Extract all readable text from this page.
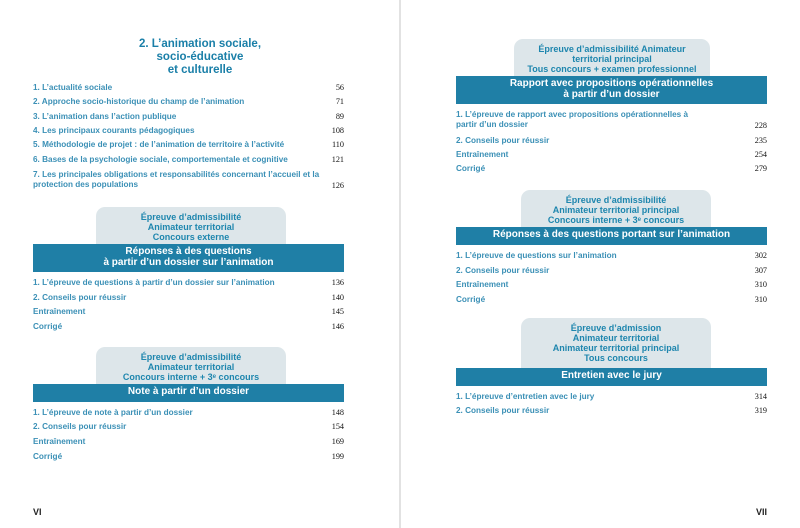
2. L’animation sociale,
socio-éducative
et culturelle
1. L’actualité sociale	56
2. Approche socio-historique du champ de l’animation	71
3. L’animation dans l’action publique	89
4. Les principaux courants pédagogiques	108
5. Méthodologie de projet : de l’animation de territoire à l’activité	110
6. Bases de la psychologie sociale, comportementale et cognitive	121
7. Les principales obligations et responsabilités concernant l’accueil et la protection des populations	126
Épreuve d’admissibilité
Animateur territorial
Concours externe
Réponses à des questions
à partir d’un dossier sur l’animation
1. L’épreuve de questions à partir d’un dossier sur l’animation	136
2. Conseils pour réussir	140
Entraînement	145
Corrigé	146
Épreuve d’admissibilité
Animateur territorial
Concours interne + 3ᵉ concours
Note à partir d’un dossier
1. L’épreuve de note à partir d’un dossier	148
2. Conseils pour réussir	154
Entraînement	169
Corrigé	199
VI
Épreuve d’admissibilité Animateur
territorial principal
Tous concours + examen professionnel
Rapport avec propositions opérationnelles
à partir d’un dossier
1. L’épreuve de rapport avec propositions opérationnelles à partir d’un dossier	228
2. Conseils pour réussir	235
Entraînement	254
Corrigé	279
Épreuve d’admissibilité
Animateur territorial principal
Concours interne + 3ᵉ concours
Réponses à des questions portant sur l’animation
1. L’épreuve de questions sur l’animation	302
2. Conseils pour réussir	307
Entraînement	310
Corrigé	310
Épreuve d’admission
Animateur territorial
Animateur territorial principal
Tous concours
Entretien avec le jury
1. L’épreuve d’entretien avec le jury	314
2. Conseils pour réussir	319
VII
